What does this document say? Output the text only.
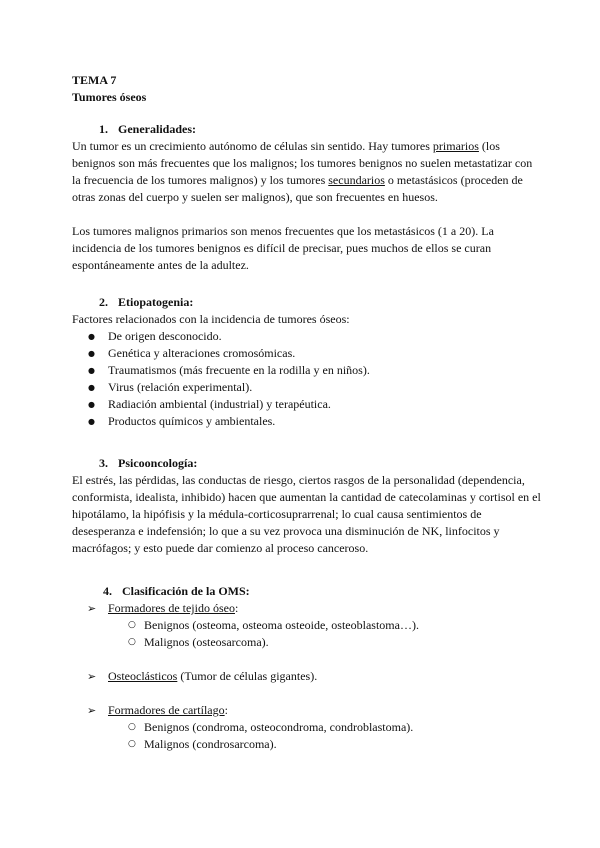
TEMA 7
Tumores óseos
1. Generalidades:

Un tumor es un crecimiento autónomo de células sin sentido. Hay tumores primarios (los benignos son más frecuentes que los malignos; los tumores benignos no suelen metastatizar con la frecuencia de los tumores malignos) y los tumores secundarios o metastásicos (proceden de otras zonas del cuerpo y suelen ser malignos), que son frecuentes en huesos.

Los tumores malignos primarios son menos frecuentes que los metastásicos (1 a 20). La incidencia de los tumores benignos es difícil de precisar, pues muchos de ellos se curan espontáneamente antes de la adultez.

2. Etiopatogenia:

Factores relacionados con la incidencia de tumores óseos:

● De origen desconocido.
● Genética y alteraciones cromosómicas.
● Traumatismos (más frecuente en la rodilla y en niños).
● Virus (relación experimental).
● Radiación ambiental (industrial) y terapéutica.
● Productos químicos y ambientales.
3. Psicooncología:

El estrés, las pérdidas, las conductas de riesgo, ciertos rasgos de la personalidad (dependencia, conformista, idealista, inhibido) hacen que aumentan la cantidad de catecolaminas y cortisol en el hipotálamo, la hipófisis y la médula-corticosuprarrenal; lo cual causa sentimientos de desesperanza e indefensión; lo que a su vez provoca una disminución de NK, linfocitos y macrófagos; y esto puede dar comienzo al proceso canceroso.

4. Clasificación de la OMS:
➢ Formadores de tejido óseo:
○ Benignos (osteoma, osteoma osteoide, osteoblastoma…).
○ Malignos (osteosarcoma).
➢ Osteoclásticos (Tumor de células gigantes).
➢ Formadores de cartílago:
○ Benignos (condroma, osteocondroma, condroblastoma).
○ Malignos (condrosarcoma).
